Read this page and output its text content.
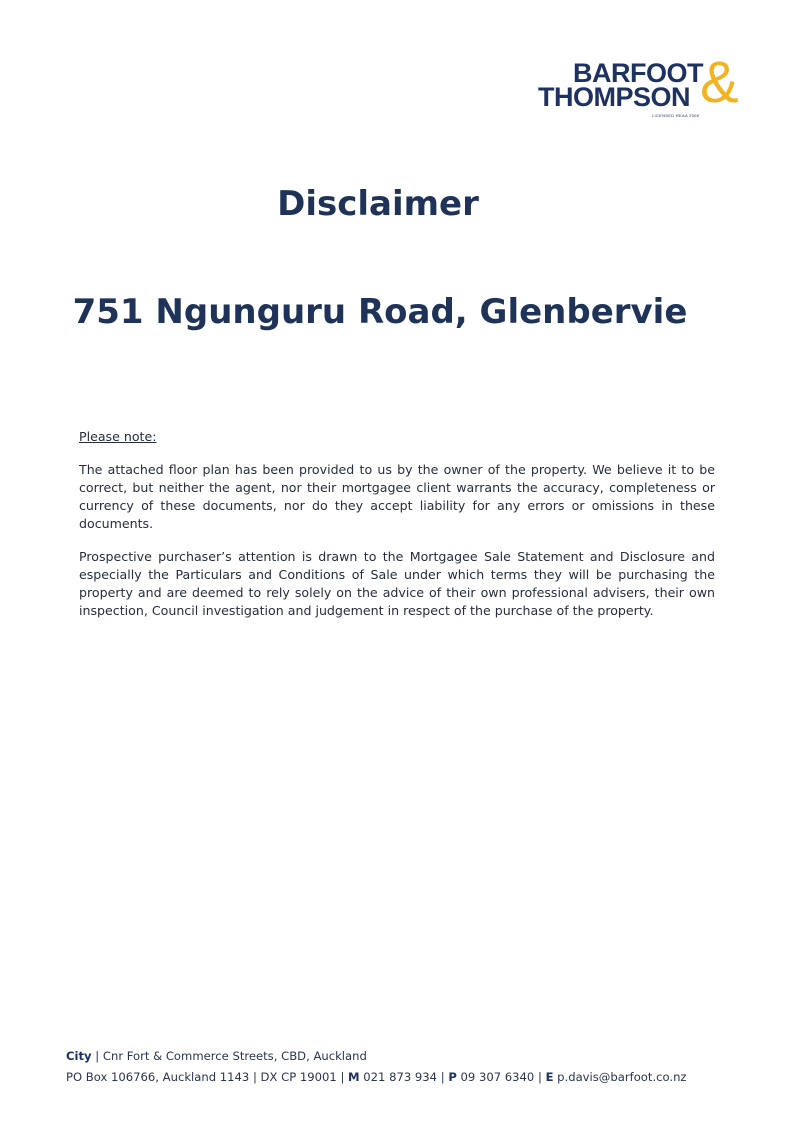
BARFOOT
THOMPSON &
LICENSED REAA 2008
Disclaimer
751 Ngunguru Road, Glenbervie
Please note:

The attached floor plan has been provided to us by the owner of the property. We believe it to be correct, but neither the agent, nor their mortgagee client warrants the accuracy, completeness or currency of these documents, nor do they accept liability for any errors or omissions in these documents.

Prospective purchaser’s attention is drawn to the Mortgagee Sale Statement and Disclosure and especially the Particulars and Conditions of Sale under which terms they will be purchasing the property and are deemed to rely solely on the advice of their own professional advisers, their own inspection, Council investigation and judgement in respect of the purchase of the property.

City | Cnr Fort & Commerce Streets, CBD, Auckland
PO Box 106766, Auckland 1143 | DX CP 19001 | M 021 873 934 | P 09 307 6340 | E p.davis@barfoot.co.nz
